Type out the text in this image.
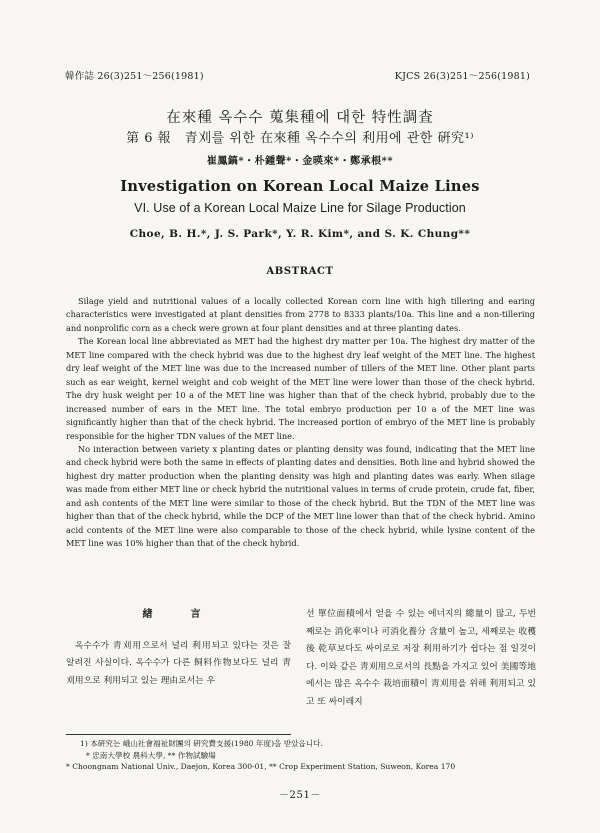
韓作誌 26(3)251～256(1981)	KJCS 26(3)251～256(1981)
在來種 옥수수 蒐集種에 대한 特性調査
第 6 報　青刈를 위한 在來種 옥수수의 利用에 관한 硏究¹⁾
崔鳳鎬*・朴鍾聲*・金暎來*・鄭承根**
Investigation on Korean Local Maize Lines
VI. Use of a Korean Local Maize Line for Silage Production
Choe, B. H.*, J. S. Park*, Y. R. Kim*, and S. K. Chung**
ABSTRACT

Silage yield and nutritional values of a locally collected Korean corn line with high tillering and earing characteristics were investigated at plant densities from 2778 to 8333 plants/10a. This line and a non-tillering and nonprolific corn as a check were grown at four plant densities and at three planting dates.

The Korean local line abbreviated as MET had the highest dry matter per 10a. The highest dry matter of the MET line compared with the check hybrid was due to the highest dry leaf weight of the MET line. The highest dry leaf weight of the MET line was due to the increased number of tillers of the MET line. Other plant parts such as ear weight, kernel weight and cob weight of the MET line were lower than those of the check hybrid. The dry husk weight per 10 a of the MET line was higher than that of the check hybrid, probably due to the increased number of ears in the MET line. The total embryo production per 10 a of the MET line was significantly higher than that of the check hybrid. The increased portion of embryo of the MET line is probably responsible for the higher TDN values of the MET line.

No interaction between variety x planting dates or planting density was found, indicating that the MET line and check hybrid were both the same in effects of planting dates and densities. Both line and hybrid showed the highest dry matter production when the planting density was high and planting dates was early. When silage was made from either MET line or check hybrid the nutritional values in terms of crude protein, crude fat, fiber, and ash contents of the MET line were similar to those of the check hybrid. But the TDN of the MET line was higher than that of the check hybrid, while the DCP of the MET line lower than that of the check hybrid. Amino acid contents of the MET line were also comparable to those of the check hybrid, while lysine content of the MET line was 10% higher than that of the check hybrid.

緖　言

옥수수가 靑刈用으로서 널리 利用되고 있다는 것은 잘 알려진 사실이다. 옥수수가 다른 飼料作物보다도 널리 靑刈用으로 利用되고 있는 理由로서는 우

선 單位面積에서 얻을 수 있는 에너지의 總量이 많고, 두번째로는 消化率이나 可消化養分 含量이 높고, 세째로는 收穫 後 乾草보다도 싸이로로 저장 利用하기가 쉽다는 점 일것이다. 이와 같은 靑刈用으로서의 長點을 가지고 있어 美國等地에서는 많은 옥수수 栽培面積이 靑刈用을 위해 利用되고 있고 또 싸이레지

1) 本硏究는 峨山社會福祉財團의 硏究費支援(1980 年度)을 받았읍니다.
* 忠南大學校 農科大學, ** 作物試驗場
* Choongnam National Univ., Daejon, Korea 300-01, ** Crop Experiment Station, Suweon, Korea 170
－251－
